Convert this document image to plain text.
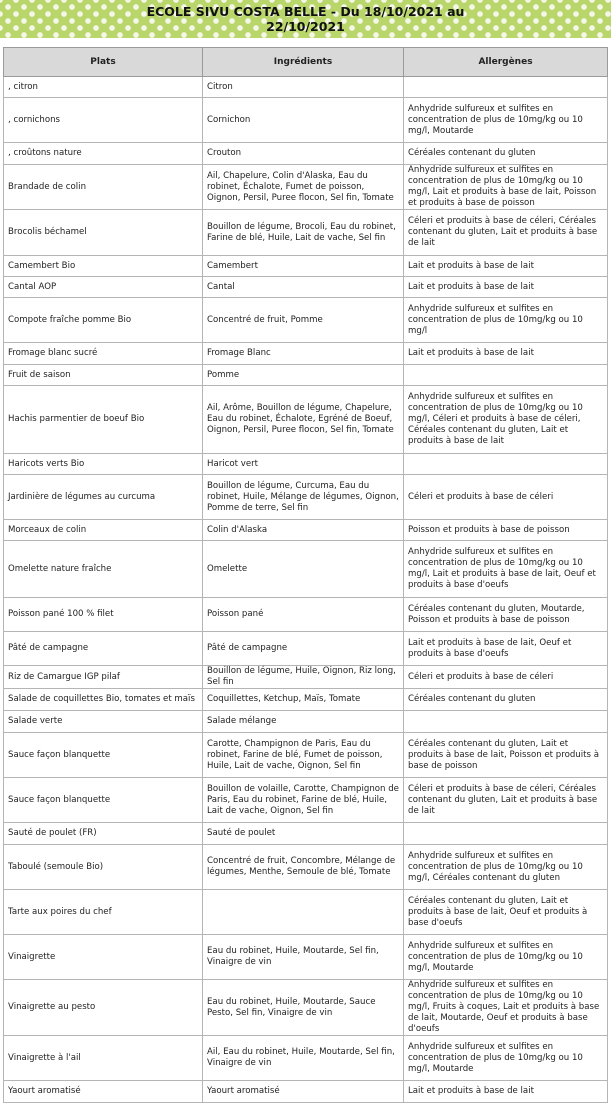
ECOLE SIVU COSTA BELLE - Du 18/10/2021 au
22/10/2021
Plats	Ingrédients	Allergènes
, citron	Citron	
, cornichons	Cornichon	Anhydride sulfureux et sulfites en concentration de plus de 10mg/kg ou 10 mg/l, Moutarde
, croûtons nature	Crouton	Céréales contenant du gluten
Brandade de colin	Ail, Chapelure, Colin d'Alaska, Eau du robinet, Échalote, Fumet de poisson, Oignon, Persil, Puree flocon, Sel fin, Tomate	Anhydride sulfureux et sulfites en concentration de plus de 10mg/kg ou 10 mg/l, Lait et produits à base de lait, Poisson et produits à base de poisson
Brocolis béchamel	Bouillon de légume, Brocoli, Eau du robinet, Farine de blé, Huile, Lait de vache, Sel fin	Céleri et produits à base de céleri, Céréales contenant du gluten, Lait et produits à base de lait
Camembert Bio	Camembert	Lait et produits à base de lait
Cantal AOP	Cantal	Lait et produits à base de lait
Compote fraîche pomme Bio	Concentré de fruit, Pomme	Anhydride sulfureux et sulfites en concentration de plus de 10mg/kg ou 10 mg/l
Fromage blanc sucré	Fromage Blanc	Lait et produits à base de lait
Fruit de saison	Pomme	
Hachis parmentier de boeuf Bio	Ail, Arôme, Bouillon de légume, Chapelure, Eau du robinet, Échalote, Egréné de Boeuf, Oignon, Persil, Puree flocon, Sel fin, Tomate	Anhydride sulfureux et sulfites en concentration de plus de 10mg/kg ou 10 mg/l, Céleri et produits à base de céleri, Céréales contenant du gluten, Lait et produits à base de lait
Haricots verts Bio	Haricot vert	
Jardinière de légumes au curcuma	Bouillon de légume, Curcuma, Eau du robinet, Huile, Mélange de légumes, Oignon, Pomme de terre, Sel fin	Céleri et produits à base de céleri
Morceaux de colin	Colin d'Alaska	Poisson et produits à base de poisson
Omelette nature fraîche	Omelette	Anhydride sulfureux et sulfites en concentration de plus de 10mg/kg ou 10 mg/l, Lait et produits à base de lait, Oeuf et produits à base d'oeufs
Poisson pané 100 % filet	Poisson pané	Céréales contenant du gluten, Moutarde, Poisson et produits à base de poisson
Pâté de campagne	Pâté de campagne	Lait et produits à base de lait, Oeuf et produits à base d'oeufs
Riz de Camargue IGP pilaf	Bouillon de légume, Huile, Oignon, Riz long, Sel fin	Céleri et produits à base de céleri
Salade de coquillettes Bio, tomates et maïs	Coquillettes, Ketchup, Maïs, Tomate	Céréales contenant du gluten
Salade verte	Salade mélange	
Sauce façon blanquette	Carotte, Champignon de Paris, Eau du robinet, Farine de blé, Fumet de poisson, Huile, Lait de vache, Oignon, Sel fin	Céréales contenant du gluten, Lait et produits à base de lait, Poisson et produits à base de poisson
Sauce façon blanquette	Bouillon de volaille, Carotte, Champignon de Paris, Eau du robinet, Farine de blé, Huile, Lait de vache, Oignon, Sel fin	Céleri et produits à base de céleri, Céréales contenant du gluten, Lait et produits à base de lait
Sauté de poulet (FR)	Sauté de poulet	
Taboulé (semoule Bio)	Concentré de fruit, Concombre, Mélange de légumes, Menthe, Semoule de blé, Tomate	Anhydride sulfureux et sulfites en concentration de plus de 10mg/kg ou 10 mg/l, Céréales contenant du gluten
Tarte aux poires du chef		Céréales contenant du gluten, Lait et produits à base de lait, Oeuf et produits à base d'oeufs
Vinaigrette	Eau du robinet, Huile, Moutarde, Sel fin, Vinaigre de vin	Anhydride sulfureux et sulfites en concentration de plus de 10mg/kg ou 10 mg/l, Moutarde
Vinaigrette au pesto	Eau du robinet, Huile, Moutarde, Sauce Pesto, Sel fin, Vinaigre de vin	Anhydride sulfureux et sulfites en concentration de plus de 10mg/kg ou 10 mg/l, Fruits à coques, Lait et produits à base de lait, Moutarde, Oeuf et produits à base d'oeufs
Vinaigrette à l'ail	Ail, Eau du robinet, Huile, Moutarde, Sel fin, Vinaigre de vin	Anhydride sulfureux et sulfites en concentration de plus de 10mg/kg ou 10 mg/l, Moutarde
Yaourt aromatisé	Yaourt aromatisé	Lait et produits à base de lait
